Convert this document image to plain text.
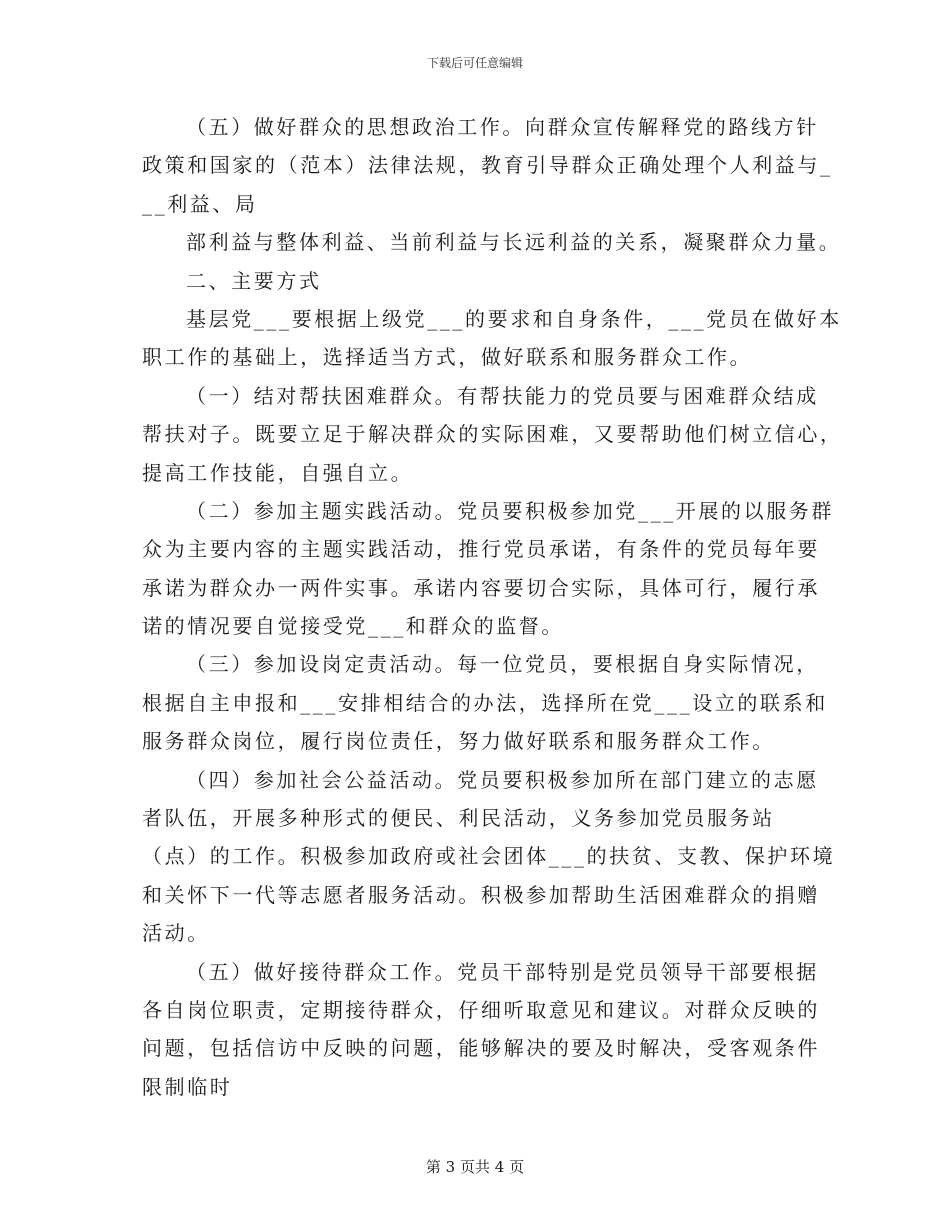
下载后可任意编辑
（五）做好群众的思想政治工作。向群众宣传解释党的路线方针
政策和国家的（范本）法律法规，教育引导群众正确处理个人利益与_
__利益、局
部利益与整体利益、当前利益与长远利益的关系，凝聚群众力量。
二、主要方式
基层党___要根据上级党___的要求和自身条件，___党员在做好本
职工作的基础上，选择适当方式，做好联系和服务群众工作。
（一）结对帮扶困难群众。有帮扶能力的党员要与困难群众结成
帮扶对子。既要立足于解决群众的实际困难，又要帮助他们树立信心，
提高工作技能，自强自立。
（二）参加主题实践活动。党员要积极参加党___开展的以服务群
众为主要内容的主题实践活动，推行党员承诺，有条件的党员每年要
承诺为群众办一两件实事。承诺内容要切合实际，具体可行，履行承
诺的情况要自觉接受党___和群众的监督。
（三）参加设岗定责活动。每一位党员，要根据自身实际情况，
根据自主申报和___安排相结合的办法，选择所在党___设立的联系和
服务群众岗位，履行岗位责任，努力做好联系和服务群众工作。
（四）参加社会公益活动。党员要积极参加所在部门建立的志愿
者队伍，开展多种形式的便民、利民活动，义务参加党员服务站
（点）的工作。积极参加政府或社会团体___的扶贫、支教、保护环境
和关怀下一代等志愿者服务活动。积极参加帮助生活困难群众的捐赠
活动。
（五）做好接待群众工作。党员干部特别是党员领导干部要根据
各自岗位职责，定期接待群众，仔细听取意见和建议。对群众反映的
问题，包括信访中反映的问题，能够解决的要及时解决，受客观条件
限制临时
第 3 页共 4 页
